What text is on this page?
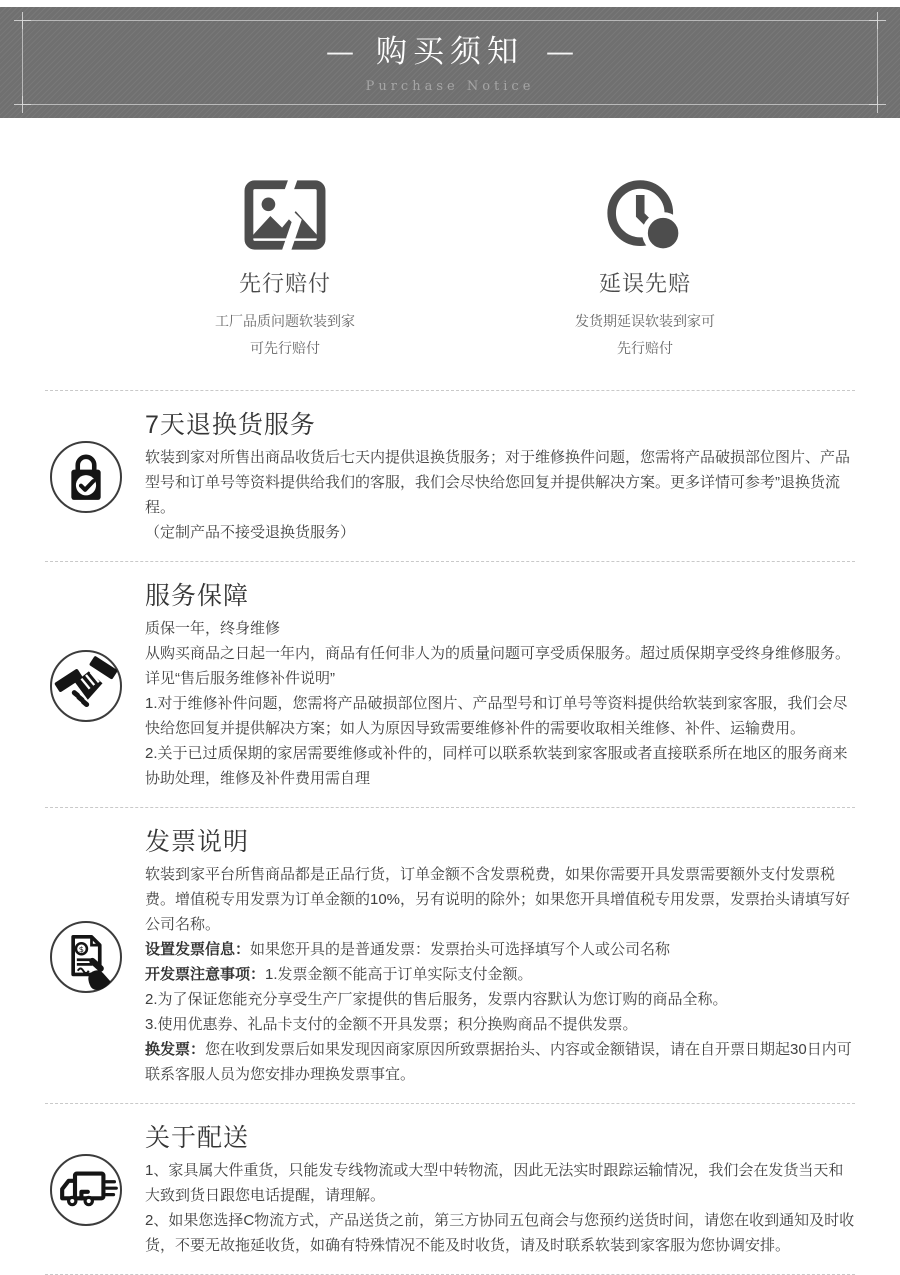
— 购买须知 —
Purchase Notice
先行赔付
工厂品质问题软装到家
可先行赔付
延误先赔
发货期延误软装到家可
先行赔付
7天退换货服务

软装到家对所售出商品收货后七天内提供退换货服务；对于维修换件问题，您需将产品破损部位图片、产品型号和订单号等资料提供给我们的客服，我们会尽快给您回复并提供解决方案。更多详情可参考”退换货流程。

（定制产品不接受退换货服务）

服务保障

质保一年，终身维修

从购买商品之日起一年内，商品有任何非人为的质量问题可享受质保服务。超过质保期享受终身维修服务。详见“售后服务维修补件说明”

1.对于维修补件问题，您需将产品破损部位图片、产品型号和订单号等资料提供给软装到家客服，我们会尽快给您回复并提供解决方案；如人为原因导致需要维修补件的需要收取相关维修、补件、运输费用。

2.关于已过质保期的家居需要维修或补件的，同样可以联系软装到家客服或者直接联系所在地区的服务商来协助处理，维修及补件费用需自理

$
发票说明

软装到家平台所售商品都是正品行货，订单金额不含发票税费，如果你需要开具发票需要额外支付发票税费。增值税专用发票为订单金额的10%，另有说明的除外；如果您开具增值税专用发票，发票抬头请填写好公司名称。

设置发票信息：如果您开具的是普通发票：发票抬头可选择填写个人或公司名称

开发票注意事项：1.发票金额不能高于订单实际支付金额。

2.为了保证您能充分享受生产厂家提供的售后服务，发票内容默认为您订购的商品全称。

3.使用优惠券、礼品卡支付的金额不开具发票；积分换购商品不提供发票。

换发票：您在收到发票后如果发现因商家原因所致票据抬头、内容或金额错误，请在自开票日期起30日内可联系客服人员为您安排办理换发票事宜。

关于配送

1、家具属大件重货，只能发专线物流或大型中转物流，因此无法实时跟踪运输情况，我们会在发货当天和大致到货日跟您电话提醒，请理解。

2、如果您选择C物流方式，产品送货之前，第三方协同五包商会与您预约送货时间，请您在收到通知及时收货，不要无故拖延收货，如确有特殊情况不能及时收货，请及时联系软装到家客服为您协调安排。
